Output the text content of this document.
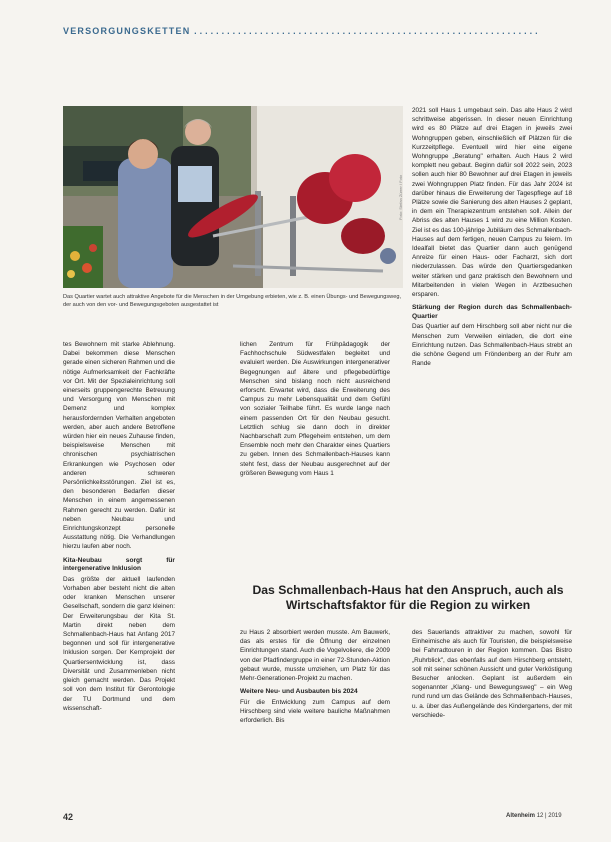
VERSORGUNGSKETTEN ...............................................................
Foto: Stefan Zürrer / Foto
Das Quartier wartet auch attraktive Angebote für die Menschen in der Umgebung erbieten, wie z. B. einen Übungs- und Bewegungsweg, der auch von den vor- und Bewegungsgeboten ausgestattet ist

tes Bewohnern mit starke Ablehnung. Dabei bekommen diese Menschen gerade einen sicheren Rahmen und die nötige Aufmerksamkeit der Fachkräfte vor Ort. Mit der Spezialeinrichtung soll einerseits gruppengerechte Betreuung und Versorgung von Menschen mit Demenz und komplex herausfordernden Verhalten angeboten werden, aber auch andere Betroffene würden hier ein neues Zuhause finden, beispielsweise Menschen mit chronischen psychiatrischen Erkrankungen wie Psychosen oder anderen schweren Persönlichkeitsstörungen. Ziel ist es, den besonderen Bedarfen dieser Menschen in einem angemessenen Rahmen gerecht zu werden. Dafür ist neben Neubau und Einrichtungskonzept personelle Ausstattung nötig. Die Verhandlungen hierzu laufen aber noch.

Kita-Neubau sorgt für intergenerative Inklusion

Das größte der aktuell laufenden Vorhaben aber besteht nicht die alten oder kranken Menschen unserer Gesellschaft, sondern die ganz kleinen: Der Erweiterungsbau der Kita St. Martin direkt neben dem Schmallenbach-Haus hat Anfang 2017 begonnen und soll für intergenerative Inklusion sorgen. Der Kernprojekt der Quartiersentwicklung ist, dass Diversität und Zusammenleben nicht gleich gemacht werden. Das Projekt soll von dem Institut für Gerontologie der TU Dortmund und dem wissenschaft-

lichen Zentrum für Frühpädagogik der Fachhochschule Südwestfalen begleitet und evaluiert werden. Die Auswirkungen intergenerativer Begegnungen auf ältere und pflegebedürftige Menschen sind bislang noch nicht ausreichend erforscht. Erwartet wird, dass die Erweiterung des Campus zu mehr Lebensqualität und dem Gefühl von sozialer Teilhabe führt. Es wurde lange nach einem passenden Ort für den Neubau gesucht. Letztlich schlug sie dann doch in direkter Nachbarschaft zum Pflegeheim entstehen, um dem Ensemble noch mehr den Charakter eines Quartiers zu geben. Innen des Schmallenbach-Hauses kann steht fest, dass der Neubau ausgerechnet auf der größeren Bewegung vom Haus 1

Das Schmallenbach-Haus hat den Anspruch, auch als Wirtschaftsfaktor für die Region zu wirken

zu Haus 2 absorbiert werden musste. Am Bauwerk, das als erstes für die Öffnung der einzelnen Einrichtungen stand. Auch die Vogelvoliere, die 2009 von der Pfadfindergruppe in einer 72-Stunden-Aktion gebaut wurde, musste umziehen, um Platz für das Mehr-Generationen-Projekt zu machen.

Weitere Neu- und Ausbauten bis 2024

Für die Entwicklung zum Campus auf dem Hirschberg sind viele weitere bauliche Maßnahmen erforderlich. Bis

2021 soll Haus 1 umgebaut sein. Das alte Haus 2 wird schrittweise abgerissen. In dieser neuen Einrichtung wird es 80 Plätze auf drei Etagen in jeweils zwei Wohngruppen geben, einschließlich elf Plätzen für die Kurzzeitpflege. Eventuell wird hier eine eigene Wohngruppe „Beratung" erhalten. Auch Haus 2 wird komplett neu gebaut. Beginn dafür soll 2022 sein, 2023 sollen auch hier 80 Bewohner auf drei Etagen in jeweils zwei Wohngruppen Platz finden. Für das Jahr 2024 ist darüber hinaus die Erweiterung der Tagespflege auf 18 Plätze sowie die Sanierung des alten Hauses 2 geplant, in dem ein Therapiezentrum entstehen soll. Allein der Abriss des alten Hauses 1 wird zu eine Million Kosten. Ziel ist es das 100-jährige Jubiläum des Schmallenbach-Hauses auf dem fertigen, neuen Campus zu feiern. Im Idealfall bietet das Quartier dann auch genügend Anreize für einen Haus- oder Facharzt, sich dort niederzulassen. Das würde den Quartiersgedanken weiter stärken und ganz praktisch den Bewohnern und Mitarbeitenden in vielen Wegen in Arztbesuchen ersparen.

Stärkung der Region durch das Schmallenbach-Quartier

Das Quartier auf dem Hirschberg soll aber nicht nur die Menschen zum Verweilen einladen, die dort eine Einrichtung nutzen. Das Schmallenbach-Haus strebt an die schöne Gegend um Fröndenberg an der Ruhr am Rande

des Sauerlands attraktiver zu machen, sowohl für Einheimische als auch für Touristen, die beispielsweise bei Fahrradtouren in der Region kommen. Das Bistro „Ruhrblick", das ebenfalls auf dem Hirschberg entsteht, soll mit seiner schönen Aussicht und guter Verköstigung Besucher anlocken. Geplant ist außerdem ein sogenannter „Klang- und Bewegungsweg" – ein Weg rund rund um das Gelände des Schmallenbach-Hauses, u. a. über das Außengelände des Kindergartens, der mit verschiede-

42	Altenheim 12 | 2019
